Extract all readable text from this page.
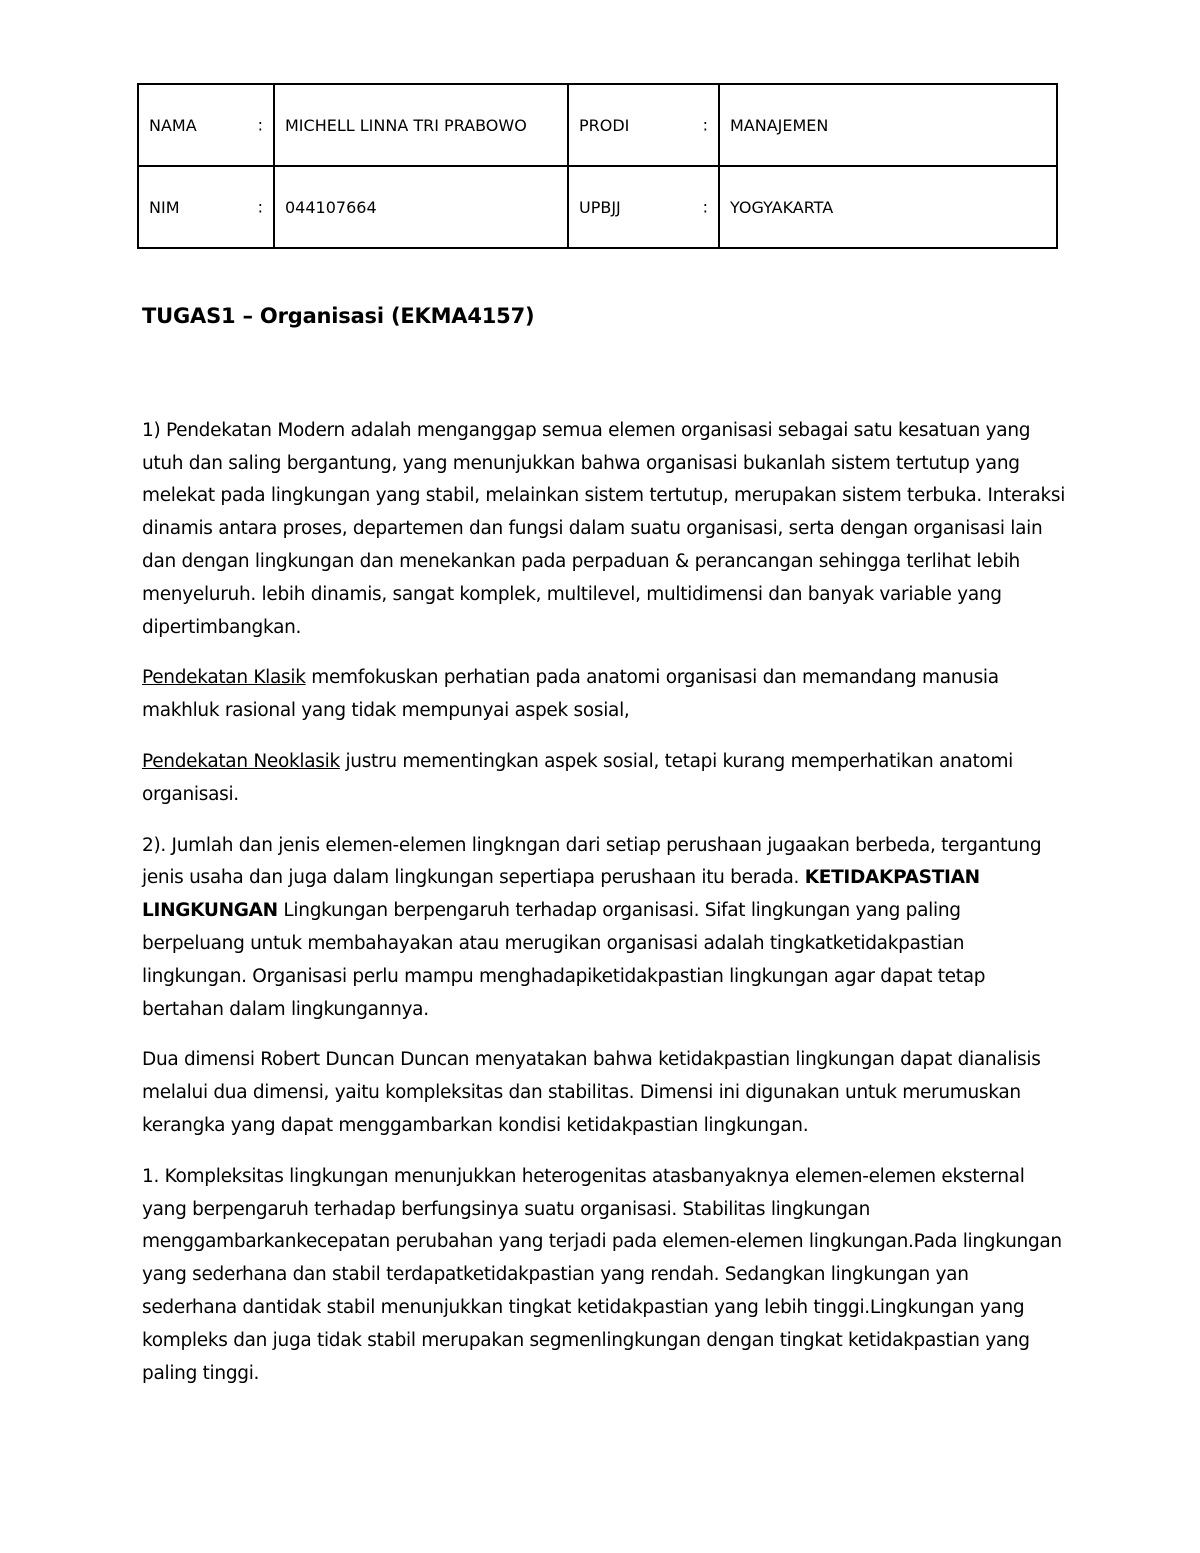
NAMA :	MICHELL LINNA TRI PRABOWO	PRODI :	MANAJEMEN
NIM :	044107664	UPBJJ :	YOGYAKARTA
TUGAS1 – Organisasi (EKMA4157)

1) Pendekatan Modern adalah menganggap semua elemen organisasi sebagai satu kesatuan yang utuh dan saling bergantung, yang menunjukkan bahwa organisasi bukanlah sistem tertutup yang melekat pada lingkungan yang stabil, melainkan sistem tertutup, merupakan sistem terbuka. Interaksi dinamis antara proses, departemen dan fungsi dalam suatu organisasi, serta dengan organisasi lain dan dengan lingkungan dan menekankan pada perpaduan & perancangan sehingga terlihat lebih menyeluruh. lebih dinamis, sangat komplek, multilevel, multidimensi dan banyak variable yang dipertimbangkan.

Pendekatan Klasik memfokuskan perhatian pada anatomi organisasi dan memandang manusia makhluk rasional yang tidak mempunyai aspek sosial,

Pendekatan Neoklasik justru mementingkan aspek sosial, tetapi kurang memperhatikan anatomi organisasi.

2). Jumlah dan jenis elemen-elemen lingkngan dari setiap perushaan jugaakan berbeda, tergantung jenis usaha dan juga dalam lingkungan sepertiapa perushaan itu berada. KETIDAKPASTIAN LINGKUNGAN Lingkungan berpengaruh terhadap organisasi. Sifat lingkungan yang paling berpeluang untuk membahayakan atau merugikan organisasi adalah tingkatketidakpastian lingkungan. Organisasi perlu mampu menghadapiketidakpastian lingkungan agar dapat tetap bertahan dalam lingkungannya.

Dua dimensi Robert Duncan Duncan menyatakan bahwa ketidakpastian lingkungan dapat dianalisis melalui dua dimensi, yaitu kompleksitas dan stabilitas. Dimensi ini digunakan untuk merumuskan kerangka yang dapat menggambarkan kondisi ketidakpastian lingkungan.

1. Kompleksitas lingkungan menunjukkan heterogenitas atasbanyaknya elemen-elemen eksternal yang berpengaruh terhadap berfungsinya suatu organisasi. Stabilitas lingkungan menggambarkankecepatan perubahan yang terjadi pada elemen-elemen lingkungan.Pada lingkungan yang sederhana dan stabil terdapatketidakpastian yang rendah. Sedangkan lingkungan yan sederhana dantidak stabil menunjukkan tingkat ketidakpastian yang lebih tinggi.Lingkungan yang kompleks dan juga tidak stabil merupakan segmenlingkungan dengan tingkat ketidakpastian yang paling tinggi.
